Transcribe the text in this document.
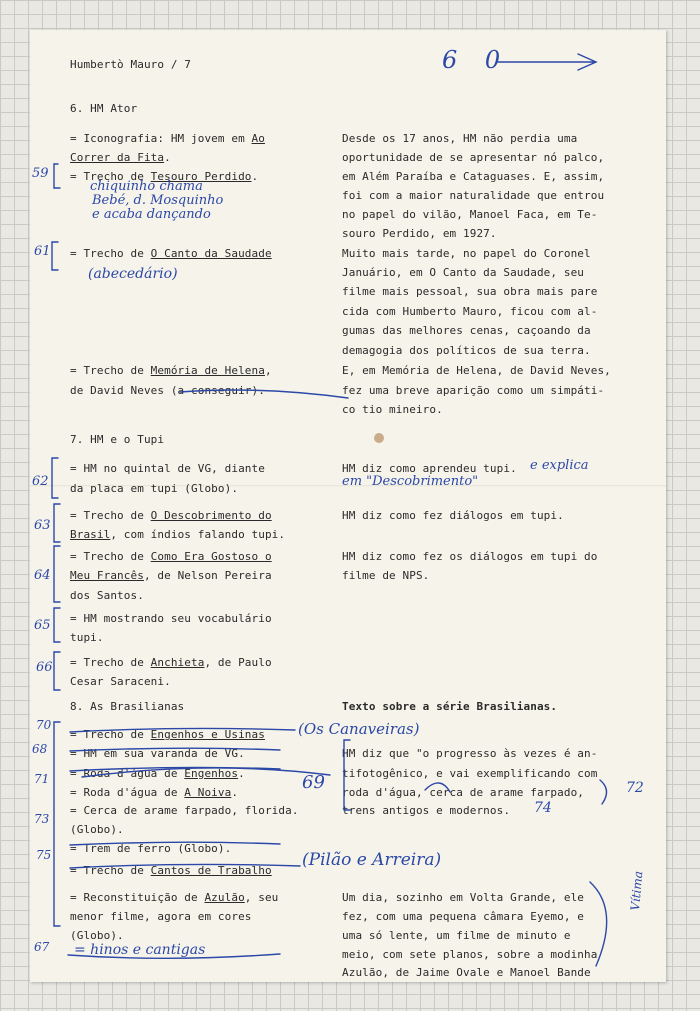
Humbertò Mauro / 7
6. HM Ator
= Iconografia: HM jovem em Ao
Correr da Fita.
= Trecho de Tesouro Perdido.
= Trecho de O Canto da Saudade
= Trecho de Memória de Helena,
de David Neves (a conseguir).
Desde os 17 anos, HM não perdia uma
oportunidade de se apresentar nó palco,
em Além Paraíba e Cataguases. E, assim,
foi com a maior naturalidade que entrou
no papel do vilão, Manoel Faca, em Te-
souro Perdido, em 1927.
Muito mais tarde, no papel do Coronel
Januário, em O Canto da Saudade, seu
filme mais pessoal, sua obra mais pare
cida com Humberto Mauro, ficou com al-
gumas das melhores cenas, caçoando da
demagogia dos políticos de sua terra.
E, em Memória de Helena, de David Neves,
fez uma breve aparição como um simpáti-
co tio mineiro.
7. HM e o Tupi
= HM no quintal de VG, diante
da placa em tupi (Globo).
= Trecho de O Descobrimento do
Brasil, com índios falando tupi.
= Trecho de Como Era Gostoso o
Meu Francês, de Nelson Pereira
dos Santos.
= HM mostrando seu vocabulário
tupi.
= Trecho de Anchieta, de Paulo
Cesar Saraceni.
HM diz como aprendeu tupi.
HM diz como fez diálogos em tupi.
HM diz como fez os diálogos em tupi do
filme de NPS.
8. As Brasilianas
= Trecho de Engenhos e Usinas
= HM em sua varanda de VG.
= Roda d'água de Engenhos.
= Roda d'água de A Noiva.
= Cerca de arame farpado, florida.
(Globo).
= Trem de ferro (Globo).
= Trecho de Cantos de Trabalho
= Reconstituição de Azulão, seu
menor filme, agora em cores
(Globo).
Texto sobre a série Brasilianas.
HM diz que "o progresso às vezes é an-
tifotogênico, e vai exemplificando com
roda d'água, cerca de arame farpado,
trens antigos e modernos.
Um dia, sozinho em Volta Grande, ele
fez, com uma pequena câmara Eyemo, e
uma só lente, um filme de minuto e
meio, com sete planos, sobre a modinha
Azulão, de Jaime Ovale e Manoel Bande
6 0
59
chiquinho chama
Bebé, d. Mosquinho
e acaba dançando
61
(abecedário)
e explica
em "Descobrimento"
62
63
64
65
66
70
68
71
73
75
67
(Os Canaveiras)
69	72
74
(Pilão e Arreira)
= hinos e cantigas
Vítima
